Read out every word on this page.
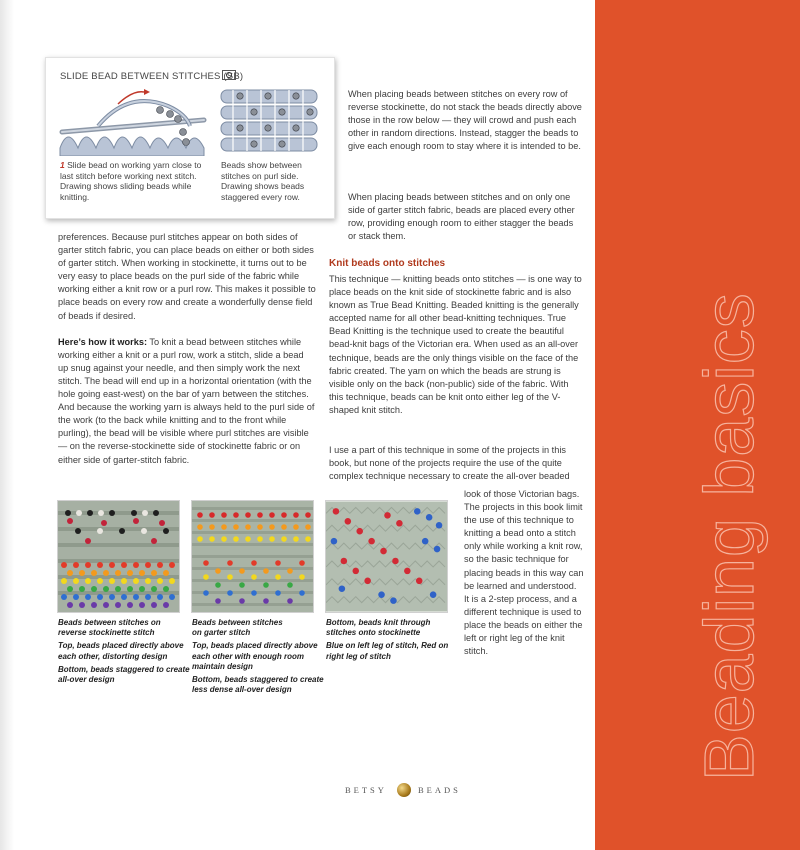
Beading basics
SLIDE BEAD BETWEEN STITCHES (SB)
1 Slide bead on working yarn close to last stitch before working next stitch. Drawing shows sliding beads while knitting.
Beads show between stitches on purl side. Drawing shows beads staggered every row.

preferences. Because purl stitches appear on both sides of garter stitch fabric, you can place beads on either or both sides of garter stitch. When working in stockinette, it turns out to be very easy to place beads on the purl side of the fabric while working either a knit row or a purl row. This makes it possible to place beads on every row and create a wonderfully dense field of beads if desired.

Here’s how it works: To knit a bead between stitches while working either a knit or a purl row, work a stitch, slide a bead up snug against your needle, and then simply work the next stitch. The bead will end up in a horizontal orientation (with the hole going east-west) on the bar of yarn between the stitches. And because the working yarn is always held to the purl side of the work (to the back while knitting and to the front while purling), the bead will be visible where purl stitches are visible — on the reverse-stockinette side of stockinette fabric or on either side of garter-stitch fabric.

When placing beads between stitches on every row of reverse stockinette, do not stack the beads directly above those in the row below — they will crowd and push each other in random directions. Instead, stagger the beads to give each enough room to stay where it is intended to be.
When placing beads between stitches and on only one side of garter stitch fabric, beads are placed every other row, providing enough room to either stagger the beads or stack them.
Knit beads onto stitches
This technique — knitting beads onto stitches — is one way to place beads on the knit side of stockinette fabric and is also known as True Bead Knitting. Beaded knitting is the generally accepted name for all other bead-knitting techniques. True Bead Knitting is the technique used to create the beautiful bead-knit bags of the Victorian era. When used as an all-over technique, beads are the only things visible on the face of the fabric created. The yarn on which the beads are strung is visible only on the back (non-public) side of the fabric. With this technique, beads can be knit onto either leg of the V-shaped knit stitch.
I use a part of this technique in some of the projects in this book, but none of the projects require the use of the quite complex technique necessary to create the all-over beaded
look of those Victorian bags. The projects in this book limit the use of this technique to knitting a bead onto a stitch only while working a knit row, so the basic technique for placing beads in this way can be learned and understood. It is a 2-step process, and a different technique is used to place the beads on either the left or right leg of the knit stitch.

Beads between stitches on
reverse stockinette stitch

Top, beads placed directly above each other, distorting design

Bottom, beads staggered to create all-over design

Beads between stitches
on garter stitch

Top, beads placed directly above each other with enough room maintain design

Bottom, beads staggered to create less dense all-over design

Bottom, beads knit through
stitches onto stockinette

Blue on left leg of stitch, Red on right leg of stitch

BETSY	BEADS
